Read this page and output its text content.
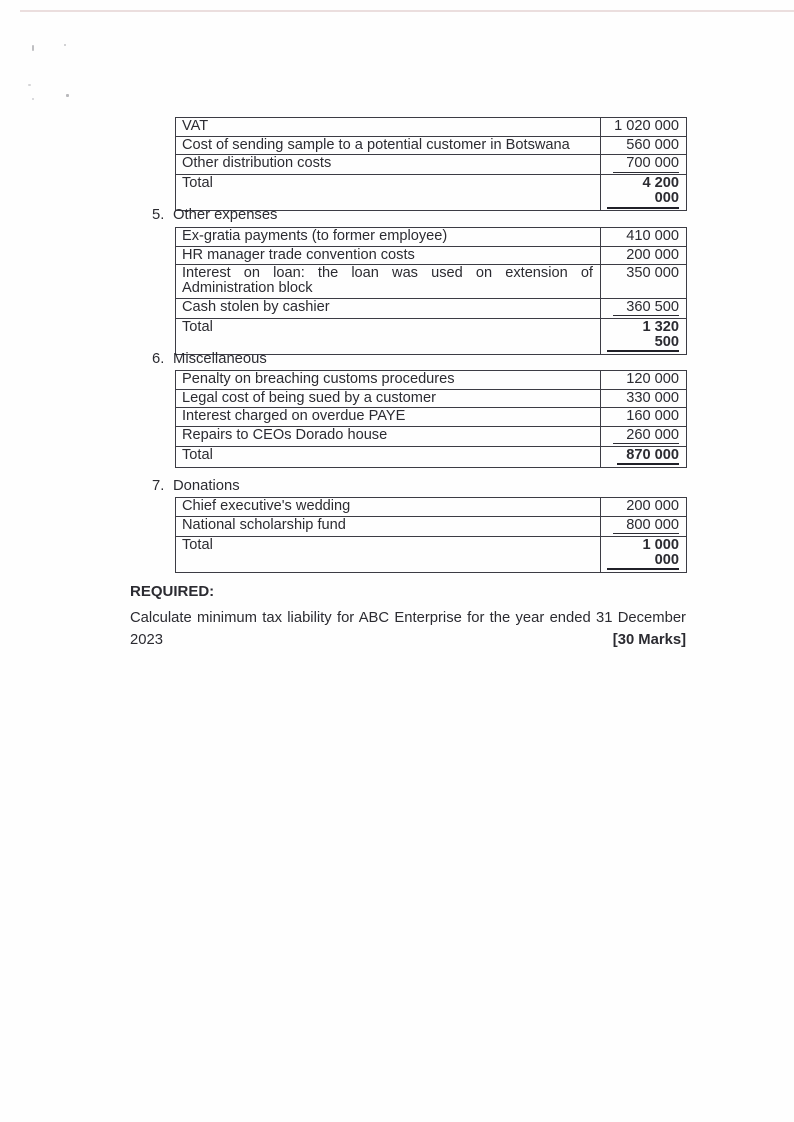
VAT	1 020 000
Cost of sending sample to a potential customer in Botswana	560 000
Other distribution costs	700 000
Total	4 200 000
5. Other expenses
Ex-gratia payments (to former employee)	410 000
HR manager trade convention costs	200 000

Interest on loan: the loan was used on extension of
Administration block	350 000
Cash stolen by cashier	360 500
Total	1 320 500
6. Miscellaneous
Penalty on breaching customs procedures	120 000
Legal cost of being sued by a customer	330 000
Interest charged on overdue PAYE	160 000
Repairs to CEOs Dorado house	260 000
Total	870 000
7. Donations
Chief executive's wedding	200 000
National scholarship fund	800 000
Total	1 000 000
REQUIRED:
Calculate minimum tax liability for ABC Enterprise for the year ended 31 December
2023	[30 Marks]
